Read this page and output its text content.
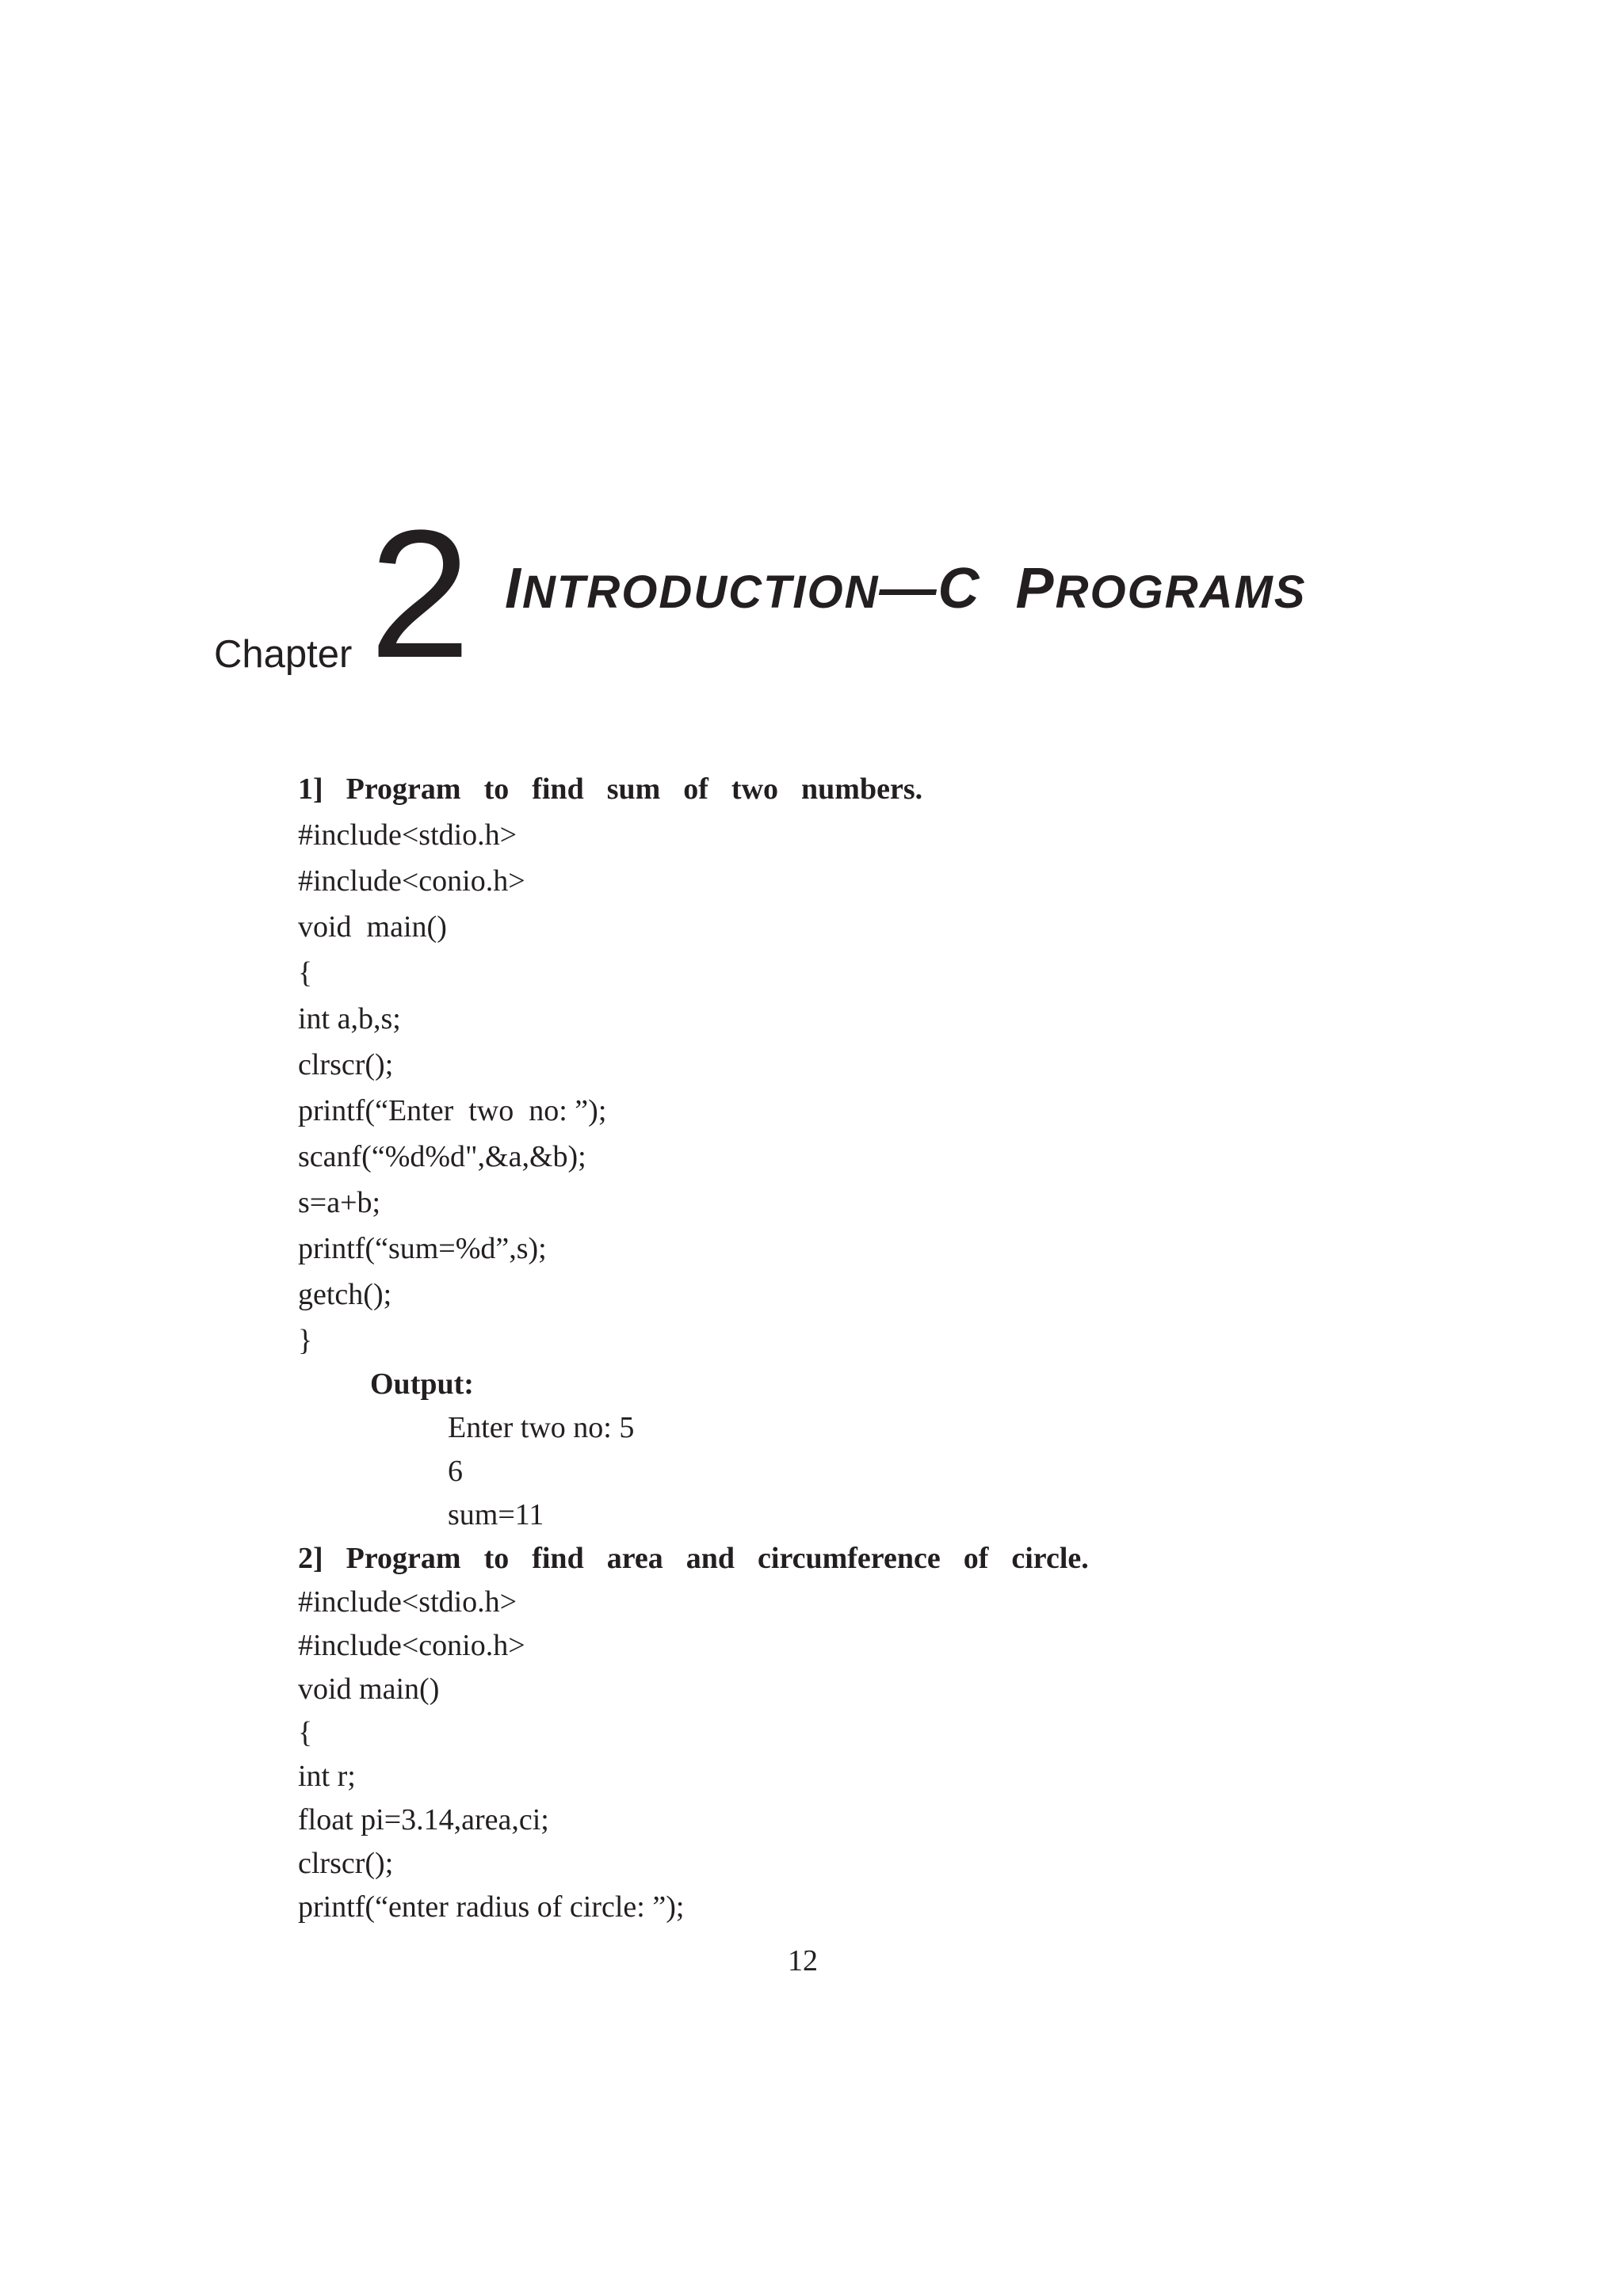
Chapter 2 INTRODUCTION—C  PROGRAMS
1]  Program  to  find  sum  of  two  numbers.
#include<stdio.h>
#include<conio.h>
void  main()
{
int a,b,s;
clrscr();
printf(“Enter  two  no: ”);
scanf(“%d%d",&a,&b);
s=a+b;
printf(“sum=%d”,s);
getch();
}
Output:
Enter two no: 5
6
sum=11
2]  Program  to  find  area  and  circumference  of  circle.
#include<stdio.h>
#include<conio.h>
void main()
{
int r;
float pi=3.14,area,ci;
clrscr();
printf(“enter radius of circle: ”);
12
